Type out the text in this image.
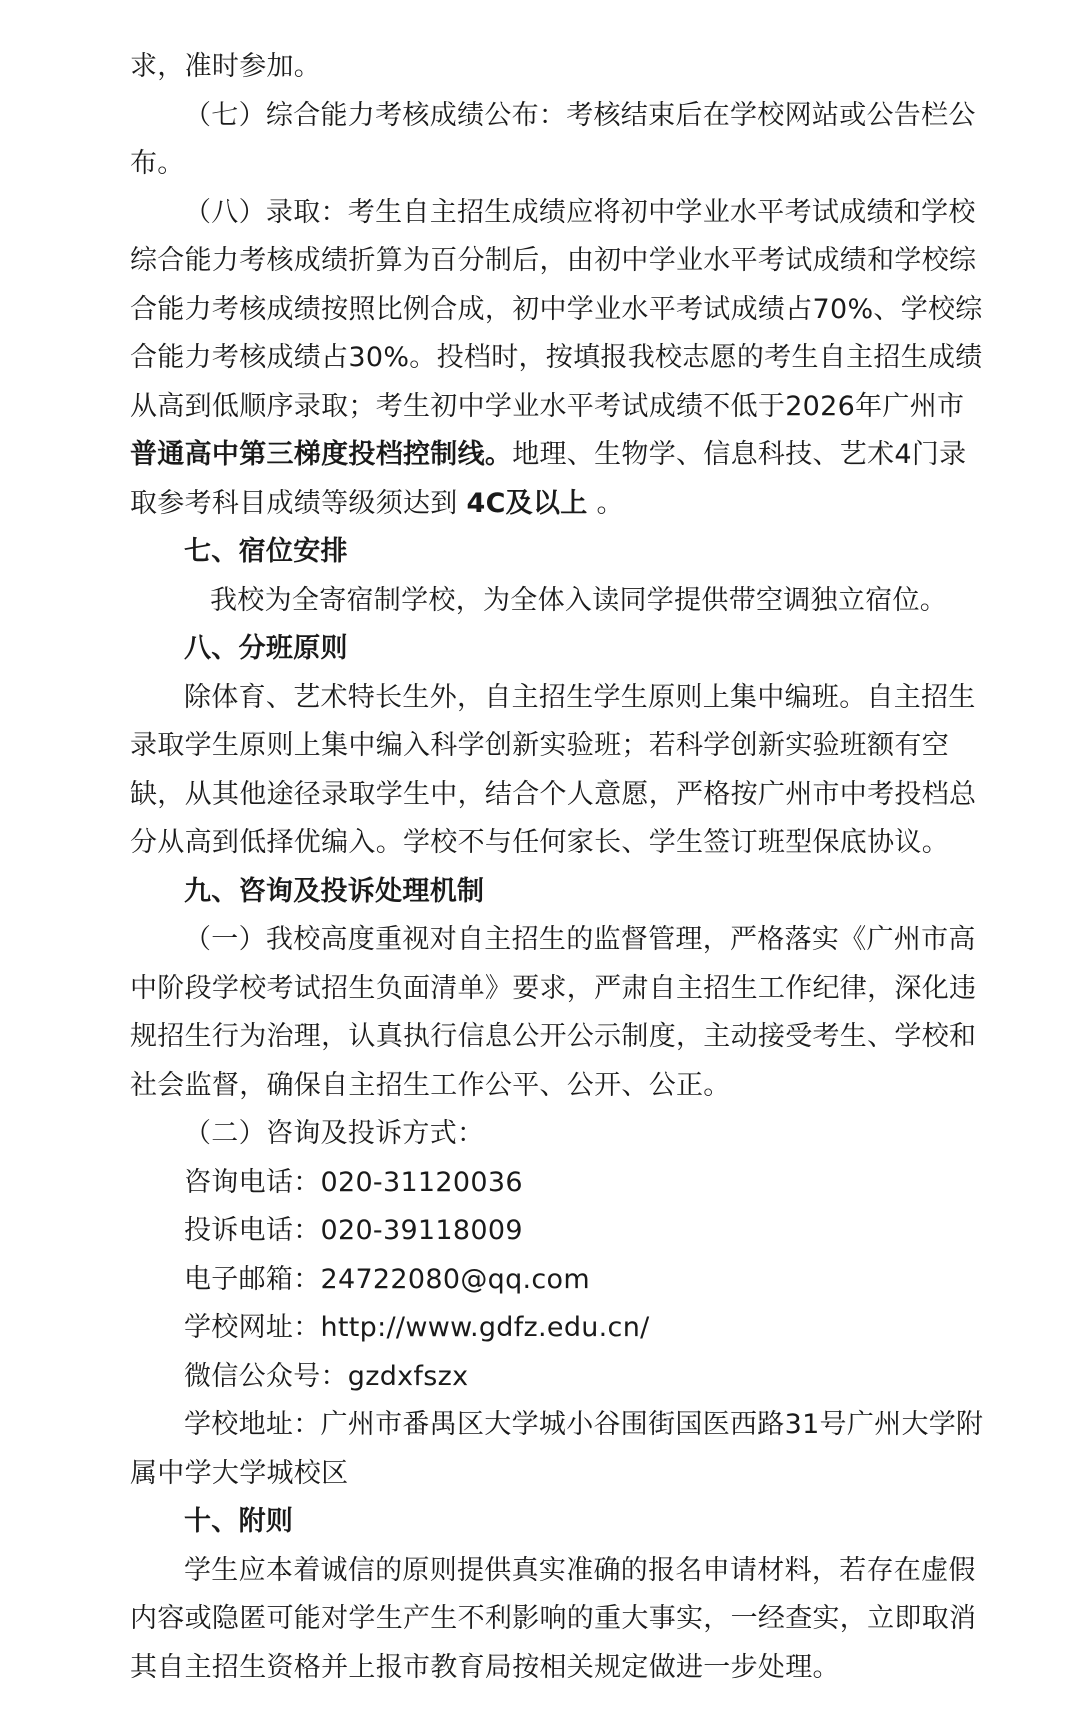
求，准时参加。
（七）综合能力考核成绩公布：考核结束后在学校网站或公告栏公
布。
（八）录取：考生自主招生成绩应将初中学业水平考试成绩和学校
综合能力考核成绩折算为百分制后，由初中学业水平考试成绩和学校综
合能力考核成绩按照比例合成，初中学业水平考试成绩占70%、学校综
合能力考核成绩占30%。投档时，按填报我校志愿的考生自主招生成绩
从高到低顺序录取；考生初中学业水平考试成绩不低于2026年广州市
普通高中第三梯度投档控制线。地理、生物学、信息科技、艺术4门录
取参考科目成绩等级须达到 4C及以上 。
七、宿位安排
我校为全寄宿制学校，为全体入读同学提供带空调独立宿位。
八、分班原则
除体育、艺术特长生外，自主招生学生原则上集中编班。自主招生
录取学生原则上集中编入科学创新实验班；若科学创新实验班额有空
缺，从其他途径录取学生中，结合个人意愿，严格按广州市中考投档总
分从高到低择优编入。学校不与任何家长、学生签订班型保底协议。
九、咨询及投诉处理机制
（一）我校高度重视对自主招生的监督管理，严格落实《广州市高
中阶段学校考试招生负面清单》要求，严肃自主招生工作纪律，深化违
规招生行为治理，认真执行信息公开公示制度，主动接受考生、学校和
社会监督，确保自主招生工作公平、公开、公正。
（二）咨询及投诉方式：
咨询电话：020-31120036
投诉电话：020-39118009
电子邮箱：24722080@qq.com
学校网址：http://www.gdfz.edu.cn/
微信公众号：gzdxfszx
学校地址：广州市番禺区大学城小谷围街国医西路31号广州大学附
属中学大学城校区
十、附则
学生应本着诚信的原则提供真实准确的报名申请材料，若存在虚假
内容或隐匿可能对学生产生不利影响的重大事实，一经查实，立即取消
其自主招生资格并上报市教育局按相关规定做进一步处理。
